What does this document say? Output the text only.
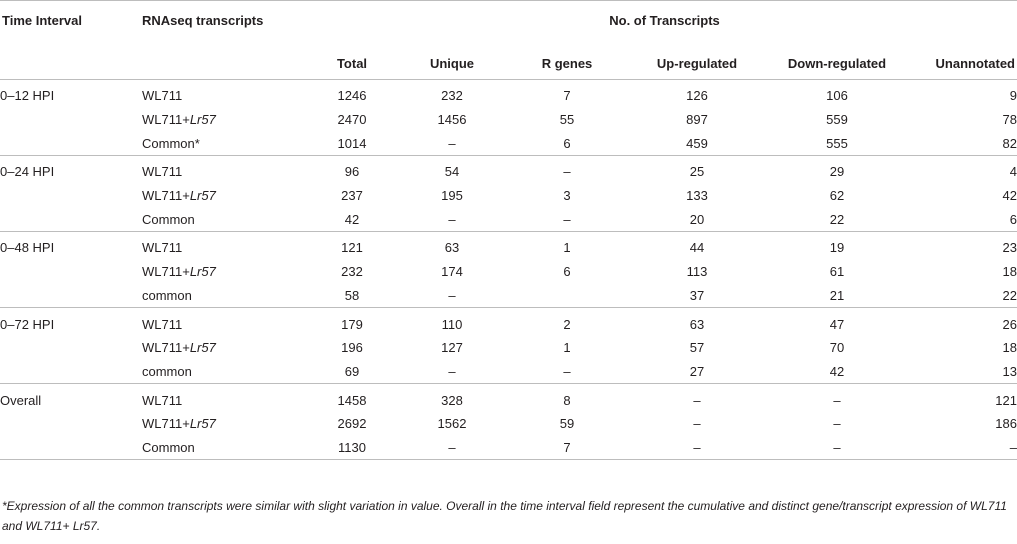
Time Interval	RNAseq transcripts	No. of Transcripts					
		Total	Unique	R genes	Up-regulated	Down-regulated	Unannotated
0–12 HPI	WL711	1246	232	7	126	106	9
	WL711+Lr57	2470	1456	55	897	559	78
	Common*	1014	–	6	459	555	82
0–24 HPI	WL711	96	54	–	25	29	4
	WL711+Lr57	237	195	3	133	62	42
	Common	42	–	–	20	22	6
0–48 HPI	WL711	121	63	1	44	19	23
	WL711+Lr57	232	174	6	113	61	18
	common	58	–		37	21	22
0–72 HPI	WL711	179	110	2	63	47	26
	WL711+Lr57	196	127	1	57	70	18
	common	69	–	–	27	42	13
Overall	WL711	1458	328	8	–	–	121
	WL711+Lr57	2692	1562	59	–	–	186
	Common	1130	–	7	–	–	–
*Expression of all the common transcripts were similar with slight variation in value. Overall in the time interval field represent the cumulative and distinct gene/transcript expression of WL711 and WL711+ Lr57.
